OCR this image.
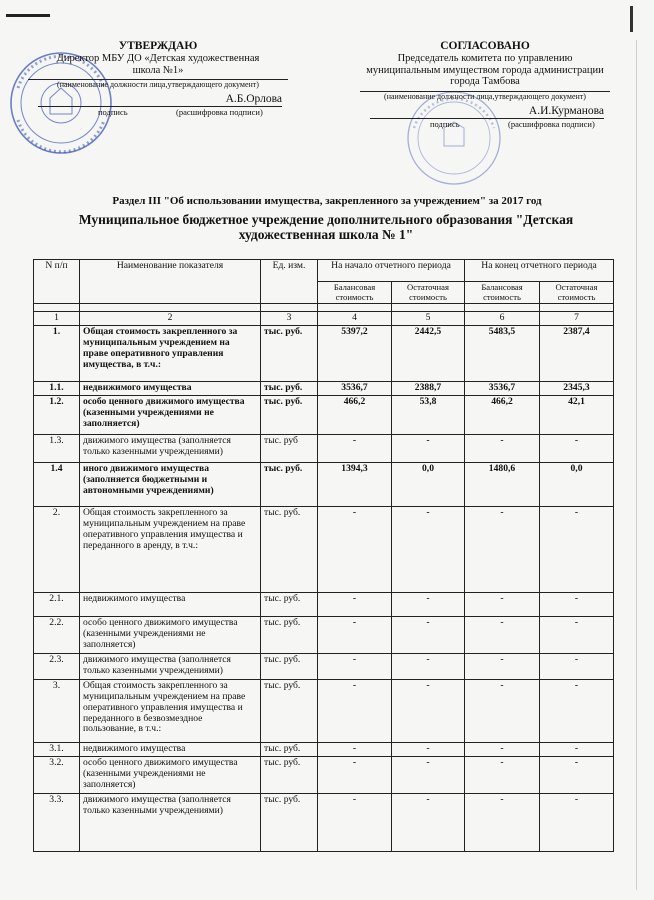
УТВЕРЖДАЮ
Директор МБУ ДО «Детская художественная
школа №1»
(наименование должности лица,утверждающего документ)
А.Б.Орлова
подпись	(расшифровка подписи)
СОГЛАСОВАНО
Председатель комитета по управлению
муниципальным имуществом города администрации
города Тамбова
(наименование должности лица,утверждающего документ)
А.И.Курманова
подпись	(расшифровка подписи)
Раздел III "Об использовании имущества, закрепленного за учреждением" за 2017 год
Муниципальное бюджетное учреждение дополнительного образования "Детская художественная школа № 1"
N п/п	Наименование показателя	Ед. изм.	На начало отчетного периода		На конец отчетного периода	
			Балансовая стоимость	Остаточная стоимость	Балансовая стоимость	Остаточная стоимость

1	2	3	4	5	6	7
1.	Общая стоимость закрепленного за муниципальным учреждением на праве оперативного управления имущества, в т.ч.:	тыс. руб.	5397,2	2442,5	5483,5	2387,4
1.1.	недвижимого имущества	тыс. руб.	3536,7	2388,7	3536,7	2345,3
1.2.	особо ценного движимого имущества (казенными учреждениями не заполняется)	тыс. руб.	466,2	53,8	466,2	42,1
1.3.	движимого имущества (заполняется только казенными учреждениями)	тыс. руб	-	-	-	-
1.4	иного движимого имущества (заполняется бюджетными и автономными учреждениями)	тыс. руб.	1394,3	0,0	1480,6	0,0
2.	Общая стоимость закрепленного за муниципальным учреждением на праве оперативного управления имущества и переданного в аренду, в т.ч.:	тыс. руб.	-	-	-	-
2.1.	недвижимого имущества	тыс. руб.	-	-	-	-
2.2.	особо ценного движимого имущества (казенными учреждениями не заполняется)	тыс. руб.	-	-	-	-
2.3.	движимого имущества (заполняется только казенными учреждениями)	тыс. руб.	-	-	-	-
3.	Общая стоимость закрепленного за муниципальным учреждением на праве оперативного управления имущества и переданного в безвозмездное пользование, в т.ч.:	тыс. руб.	-	-	-	-
3.1.	недвижимого имущества	тыс. руб.	-	-	-	-
3.2.	особо ценного движимого имущества (казенными учреждениями не заполняется)	тыс. руб.	-	-	-	-
3.3.	движимого имущества (заполняется только казенными учреждениями)	тыс. руб.	-	-	-	-
